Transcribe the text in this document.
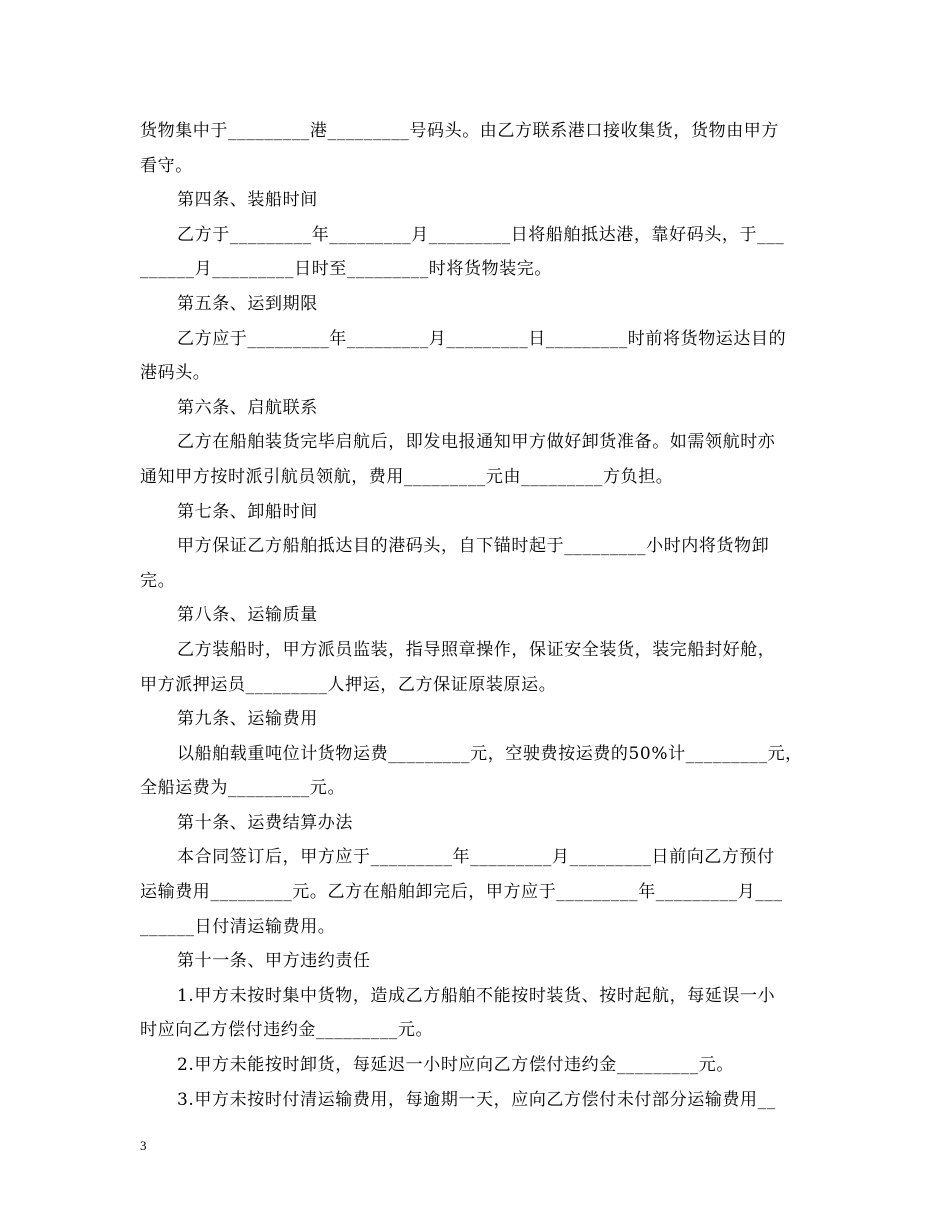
货物集中于_________港_________号码头。由乙方联系港口接收集货，货物由甲方
看守。
第四条、装船时间
乙方于_________年_________月_________日将船舶抵达港，靠好码头，于___
______月_________日时至_________时将货物装完。
第五条、运到期限
乙方应于_________年_________月_________日_________时前将货物运达目的
港码头。
第六条、启航联系
乙方在船舶装货完毕启航后，即发电报通知甲方做好卸货准备。如需领航时亦
通知甲方按时派引航员领航，费用_________元由_________方负担。
第七条、卸船时间
甲方保证乙方船舶抵达目的港码头，自下锚时起于_________小时内将货物卸
完。
第八条、运输质量
乙方装船时，甲方派员监装，指导照章操作，保证安全装货，装完船封好舱，
甲方派押运员_________人押运，乙方保证原装原运。
第九条、运输费用
以船舶载重吨位计货物运费_________元，空驶费按运费的50%计_________元，
全船运费为_________元。
第十条、运费结算办法
本合同签订后，甲方应于_________年_________月_________日前向乙方预付
运输费用_________元。乙方在船舶卸完后，甲方应于_________年_________月___
______日付清运输费用。
第十一条、甲方违约责任
1.甲方未按时集中货物，造成乙方船舶不能按时装货、按时起航，每延误一小
时应向乙方偿付违约金_________元。
2.甲方未能按时卸货，每延迟一小时应向乙方偿付违约金_________元。
3.甲方未按时付清运输费用，每逾期一天，应向乙方偿付未付部分运输费用__
3
